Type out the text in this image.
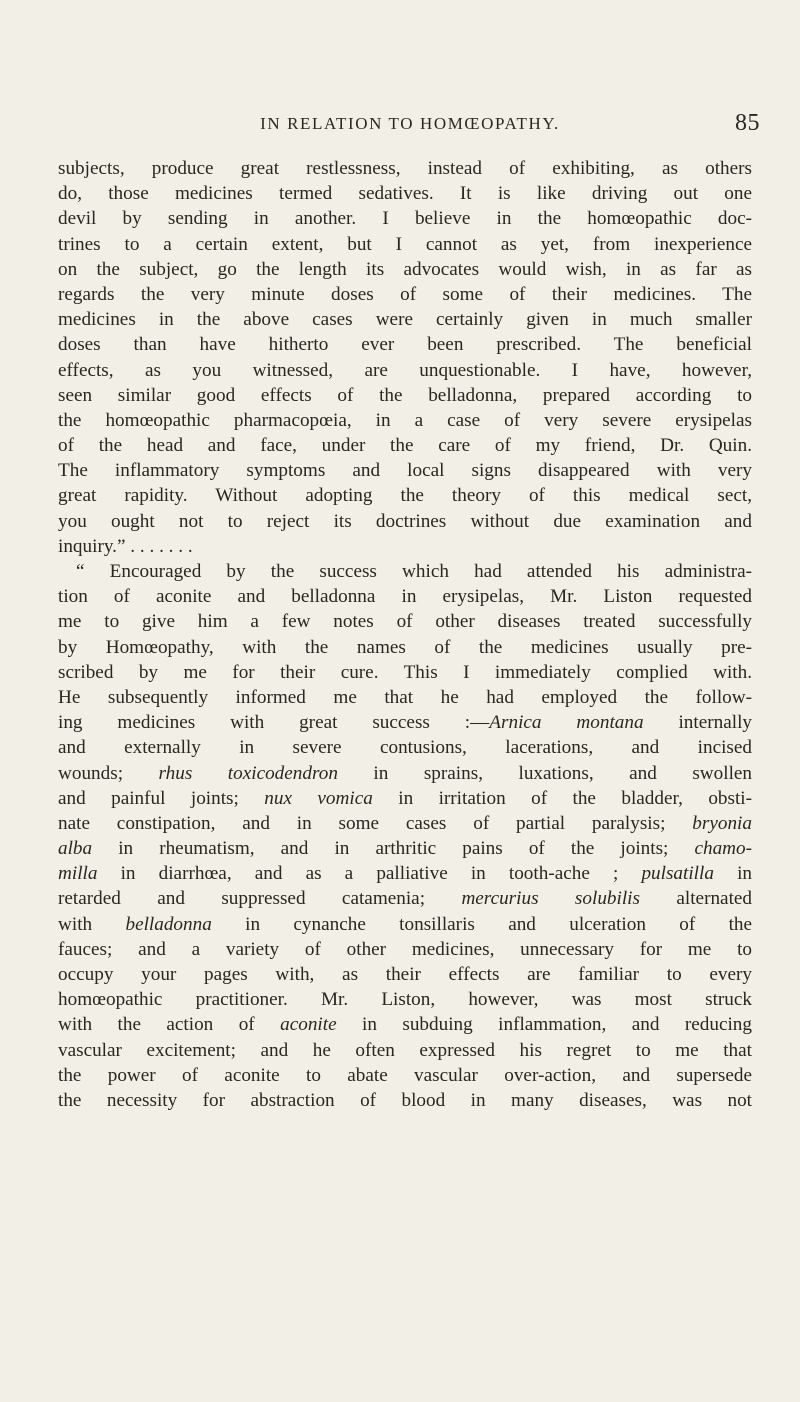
IN RELATION TO HOMŒOPATHY.	85
subjects, produce great restlessness, instead of exhibiting, as others
do, those medicines termed sedatives. It is like driving out one
devil by sending in another. I believe in the homœopathic doc-
trines to a certain extent, but I cannot as yet, from inexperience
on the subject, go the length its advocates would wish, in as far as
regards the very minute doses of some of their medicines. The
medicines in the above cases were certainly given in much smaller
doses than have hitherto ever been prescribed. The beneficial
effects, as you witnessed, are unquestionable. I have, however,
seen similar good effects of the belladonna, prepared according to
the homœopathic pharmacopœia, in a case of very severe erysipelas
of the head and face, under the care of my friend, Dr. Quin.
The inflammatory symptoms and local signs disappeared with very
great rapidity. Without adopting the theory of this medical sect,
you ought not to reject its doctrines without due examination and
inquiry.” . . . . . . .
“ Encouraged by the success which had attended his administra-
tion of aconite and belladonna in erysipelas, Mr. Liston requested
me to give him a few notes of other diseases treated successfully
by Homœopathy, with the names of the medicines usually pre-
scribed by me for their cure. This I immediately complied with.
He subsequently informed me that he had employed the follow-
ing medicines with great success :—Arnica montana internally
and externally in severe contusions, lacerations, and incised
wounds; rhus toxicodendron in sprains, luxations, and swollen
and painful joints; nux vomica in irritation of the bladder, obsti-
nate constipation, and in some cases of partial paralysis; bryonia
alba in rheumatism, and in arthritic pains of the joints; chamo-
milla in diarrhœa, and as a palliative in tooth-ache ; pulsatilla in
retarded and suppressed catamenia; mercurius solubilis alternated
with belladonna in cynanche tonsillaris and ulceration of the
fauces; and a variety of other medicines, unnecessary for me to
occupy your pages with, as their effects are familiar to every
homœopathic practitioner. Mr. Liston, however, was most struck
with the action of aconite in subduing inflammation, and reducing
vascular excitement; and he often expressed his regret to me that
the power of aconite to abate vascular over-action, and supersede
the necessity for abstraction of blood in many diseases, was not
